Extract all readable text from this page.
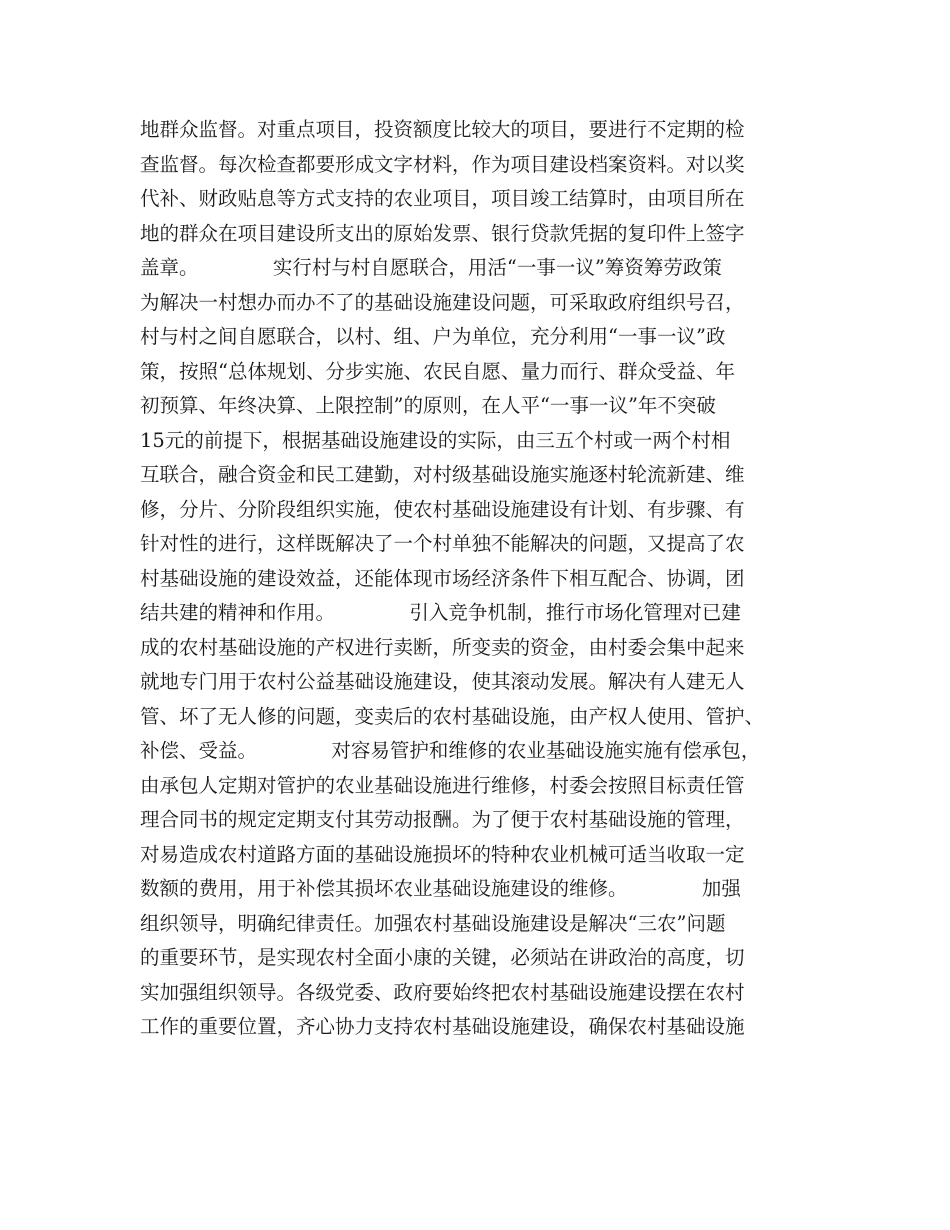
地群众监督。对重点项目，投资额度比较大的项目，要进行不定期的检
查监督。每次检查都要形成文字材料，作为项目建设档案资料。对以奖
代补、财政贴息等方式支持的农业项目，项目竣工结算时，由项目所在
地的群众在项目建设所支出的原始发票、银行贷款凭据的复印件上签字
盖章。            实行村与村自愿联合，用活“一事一议”筹资筹劳政策
为解决一村想办而办不了的基础设施建设问题，可采取政府组织号召，
村与村之间自愿联合，以村、组、户为单位，充分利用“一事一议”政
策，按照“总体规划、分步实施、农民自愿、量力而行、群众受益、年
初预算、年终决算、上限控制”的原则，在人平“一事一议”年不突破
15元的前提下，根据基础设施建设的实际，由三五个村或一两个村相
互联合，融合资金和民工建勤，对村级基础设施实施逐村轮流新建、维
修，分片、分阶段组织实施，使农村基础设施建设有计划、有步骤、有
针对性的进行，这样既解决了一个村单独不能解决的问题，又提高了农
村基础设施的建设效益，还能体现市场经济条件下相互配合、协调，团
结共建的精神和作用。            引入竞争机制，推行市场化管理对已建
成的农村基础设施的产权进行卖断，所变卖的资金，由村委会集中起来
就地专门用于农村公益基础设施建设，使其滚动发展。解决有人建无人
管、坏了无人修的问题，变卖后的农村基础设施，由产权人使用、管护、
补偿、受益。            对容易管护和维修的农业基础设施实施有偿承包，
由承包人定期对管护的农业基础设施进行维修，村委会按照目标责任管
理合同书的规定定期支付其劳动报酬。为了便于农村基础设施的管理，
对易造成农村道路方面的基础设施损坏的特种农业机械可适当收取一定
数额的费用，用于补偿其损坏农业基础设施建设的维修。            加强
组织领导，明确纪律责任。加强农村基础设施建设是解决“三农”问题
的重要环节，是实现农村全面小康的关键，必须站在讲政治的高度，切
实加强组织领导。各级党委、政府要始终把农村基础设施建设摆在农村
工作的重要位置，齐心协力支持农村基础设施建设，确保农村基础设施
